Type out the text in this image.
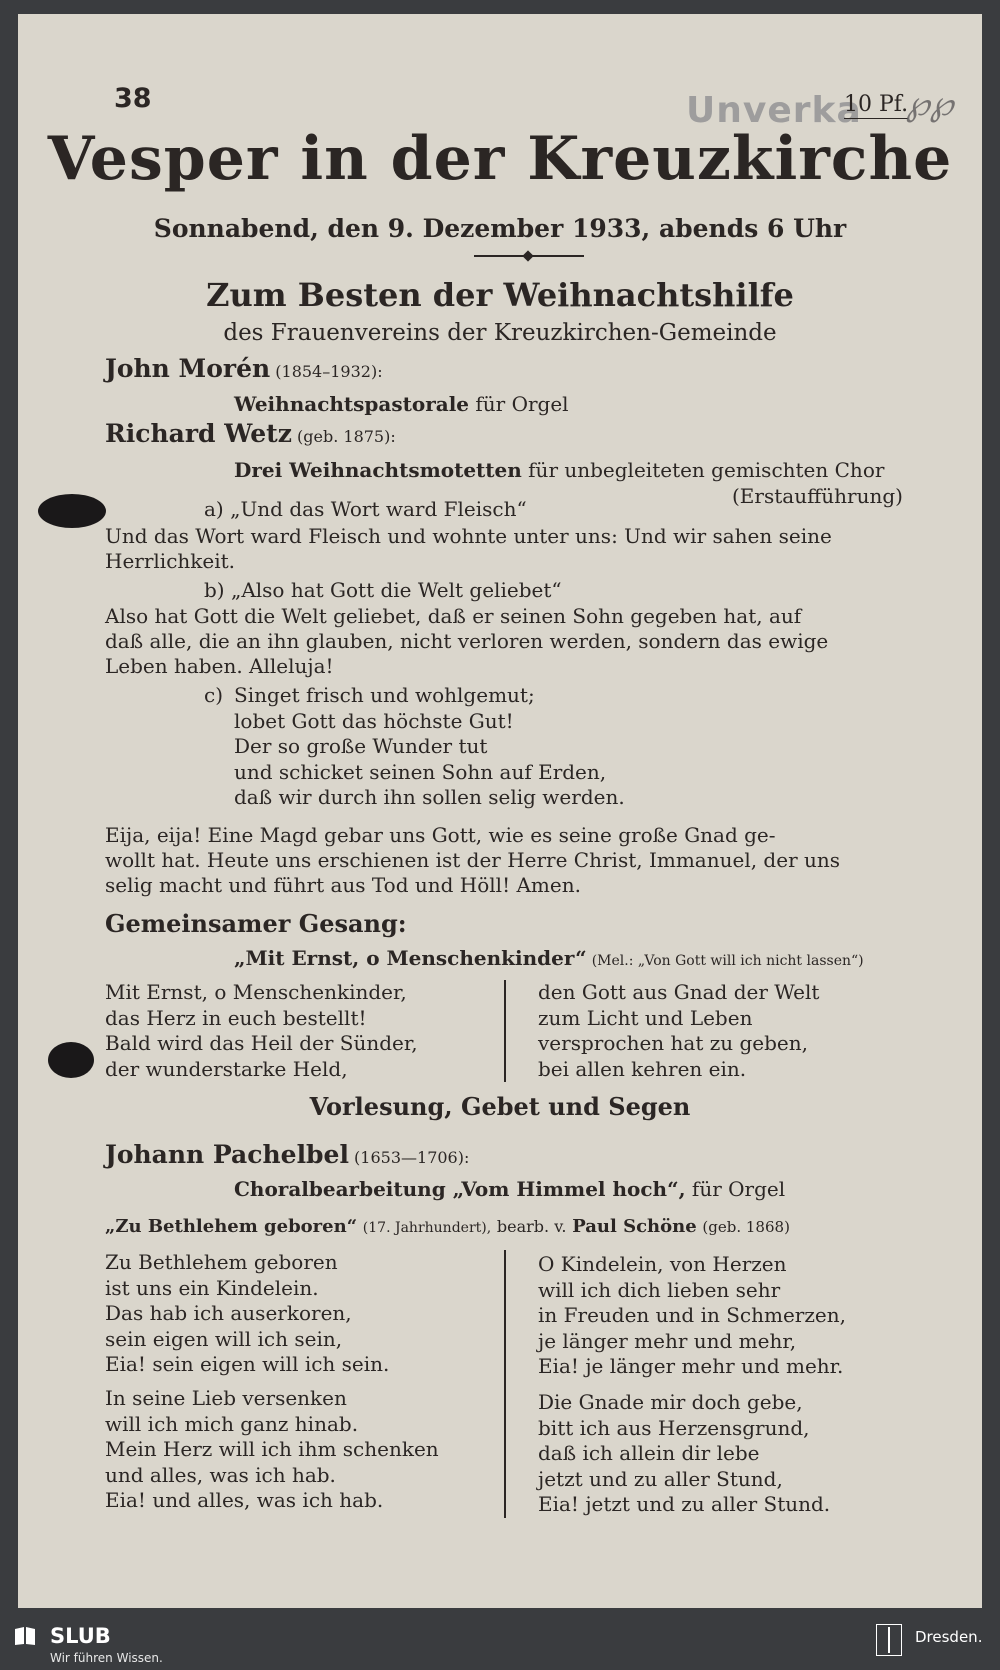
38	Unverka
10 Pf.
℘℘
Vesper in der Kreuzkirche
Sonnabend, den 9. Dezember 1933, abends 6 Uhr
Zum Besten der Weihnachtshilfe
des Frauenvereins der Kreuzkirchen-Gemeinde
John Morén (1854–1932):
Weihnachtspastorale für Orgel
Richard Wetz (geb. 1875):
Drei Weihnachtsmotetten für unbegleiteten gemischten Chor
(Erstaufführung)
a) „Und das Wort ward Fleisch“
Und das Wort ward Fleisch und wohnte unter uns: Und wir sahen seine
Herrlichkeit.
b) „Also hat Gott die Welt geliebet“
Also hat Gott die Welt geliebet, daß er seinen Sohn gegeben hat, auf
daß alle, die an ihn glauben, nicht verloren werden, sondern das ewige
Leben haben. Alleluja!
c) Singet frisch und wohlgemut;
lobet Gott das höchste Gut!
Der so große Wunder tut
und schicket seinen Sohn auf Erden,
daß wir durch ihn sollen selig werden.
Eija, eija! Eine Magd gebar uns Gott, wie es seine große Gnad ge-
wollt hat. Heute uns erschienen ist der Herre Christ, Immanuel, der uns
selig macht und führt aus Tod und Höll! Amen.
Gemeinsamer Gesang:
„Mit Ernst, o Menschenkinder“ (Mel.: „Von Gott will ich nicht lassen“)
Mit Ernst, o Menschenkinder,
das Herz in euch bestellt!
Bald wird das Heil der Sünder,
der wunderstarke Held,
den Gott aus Gnad der Welt
zum Licht und Leben
versprochen hat zu geben,
bei allen kehren ein.
Vorlesung, Gebet und Segen
Johann Pachelbel (1653—1706):
Choralbearbeitung „Vom Himmel hoch“, für Orgel
„Zu Bethlehem geboren“ (17. Jahrhundert), bearb. v. Paul Schöne (geb. 1868)
Zu Bethlehem geboren
ist uns ein Kindelein.
Das hab ich auserkoren,
sein eigen will ich sein,
Eia! sein eigen will ich sein.
O Kindelein, von Herzen
will ich dich lieben sehr
in Freuden und in Schmerzen,
je länger mehr und mehr,
Eia! je länger mehr und mehr.
In seine Lieb versenken
will ich mich ganz hinab.
Mein Herz will ich ihm schenken
und alles, was ich hab.
Eia! und alles, was ich hab.
Die Gnade mir doch gebe,
bitt ich aus Herzensgrund,
daß ich allein dir lebe
jetzt und zu aller Stund,
Eia! jetzt und zu aller Stund.
SLUB
Wir führen Wissen.
Dresden.
